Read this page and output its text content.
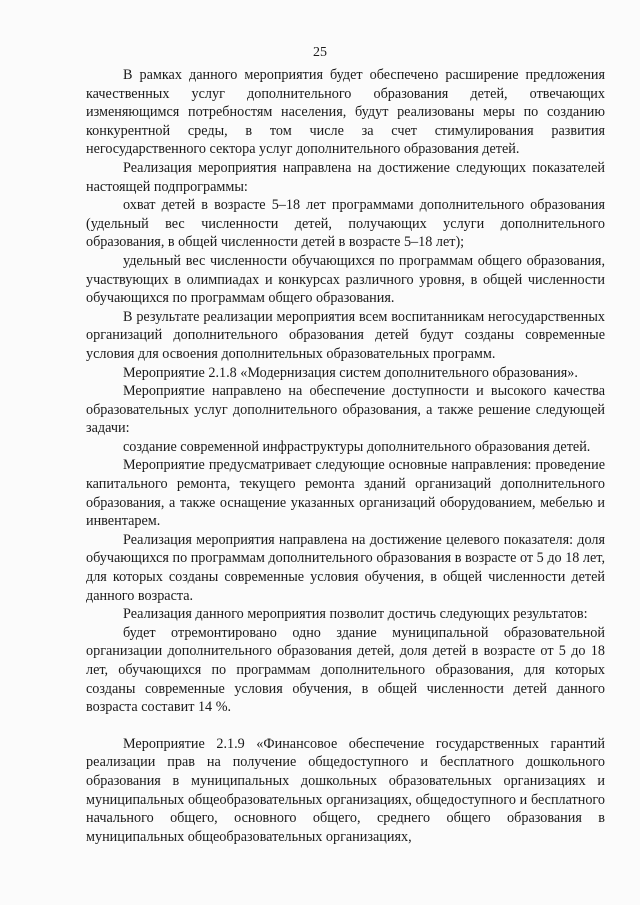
25

В рамках данного мероприятия будет обеспечено расширение предложения качественных услуг дополнительного образования детей, отвечающих изменяющимся потребностям населения, будут реализованы меры по созданию конкурентной среды, в том числе за счет стимулирования развития негосударственного сектора услуг дополнительного образования детей.

Реализация мероприятия направлена на достижение следующих показателей настоящей подпрограммы:

охват детей в возрасте 5–18 лет программами дополнительного образования (удельный вес численности детей, получающих услуги дополнительного образования, в общей численности детей в возрасте 5–18 лет);

удельный вес численности обучающихся по программам общего образования, участвующих в олимпиадах и конкурсах различного уровня, в общей численности обучающихся по программам общего образования.

В результате реализации мероприятия всем воспитанникам негосударственных организаций дополнительного образования детей будут созданы современные условия для освоения дополнительных образовательных программ.

Мероприятие 2.1.8 «Модернизация систем дополнительного образования».

Мероприятие направлено на обеспечение доступности и высокого качества образовательных услуг дополнительного образования, а также решение следующей задачи:

создание современной инфраструктуры дополнительного образования детей.

Мероприятие предусматривает следующие основные направления: проведение капитального ремонта, текущего ремонта зданий организаций дополнительного образования, а также оснащение указанных организаций оборудованием, мебелью и инвентарем.

Реализация мероприятия направлена на достижение целевого показателя: доля обучающихся по программам дополнительного образования в возрасте от 5 до 18 лет, для которых созданы современные условия обучения, в общей численности детей данного возраста.

Реализация данного мероприятия позволит достичь следующих результатов:

будет отремонтировано одно здание муниципальной образовательной организации дополнительного образования детей, доля детей в возрасте от 5 до 18 лет, обучающихся по программам дополнительного образования, для которых созданы современные условия обучения, в общей численности детей данного возраста составит 14 %.

Мероприятие 2.1.9 «Финансовое обеспечение государственных гарантий реализации прав на получение общедоступного и бесплатного дошкольного образования в муниципальных дошкольных образовательных организациях и муниципальных общеобразовательных организациях, общедоступного и бесплатного начального общего, основного общего, среднего общего образования в муниципальных общеобразовательных организациях,
